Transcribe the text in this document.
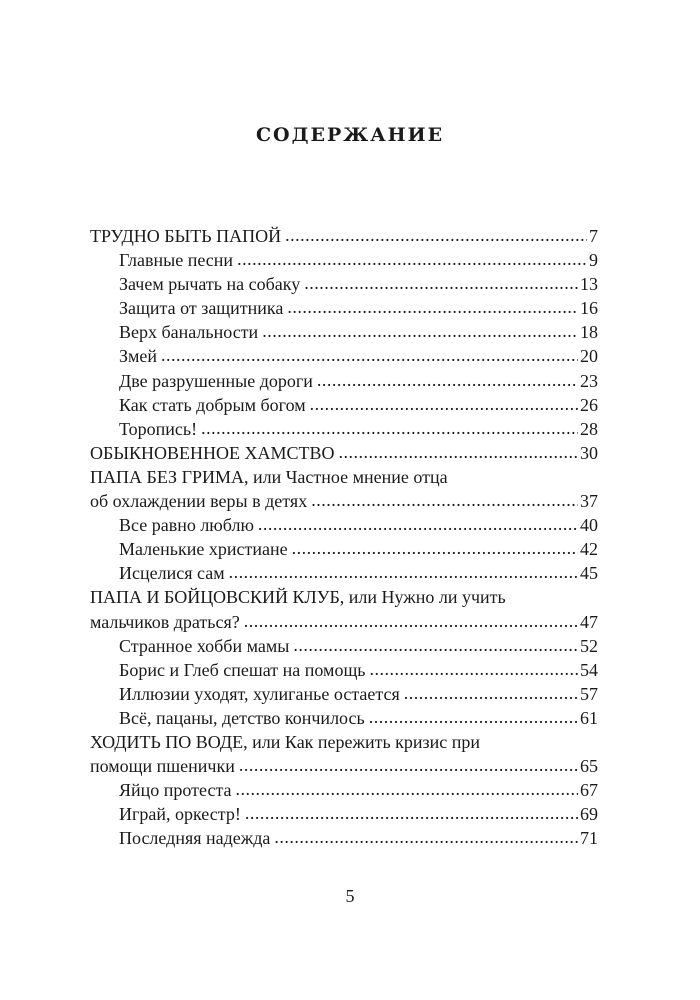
СОДЕРЖАНИЕ
ТРУДНО БЫТЬ ПАПОЙ .....	7
Главные песни .....	9
Зачем рычать на собаку .....	13
Защита от защитника .....	16
Верх банальности .....	18
Змей .....	20
Две разрушенные дороги .....	23
Как стать добрым богом .....	26
Торопись! .....	28
ОБЫКНОВЕННОЕ ХАМСТВО .....	30
ПАПА БЕЗ ГРИМА, или Частное мнение отца
об охлаждении веры в детях .....	37
Все равно люблю .....	40
Маленькие христиане .....	42
Исцелися сам .....	45
ПАПА И БОЙЦОВСКИЙ КЛУБ, или Нужно ли учить
мальчиков драться? .....	47
Странное хобби мамы .....	52
Борис и Глеб спешат на помощь .....	54
Иллюзии уходят, хулиганье остается .....	57
Всё, пацаны, детство кончилось .....	61
ХОДИТЬ ПО ВОДЕ, или Как пережить кризис при
помощи пшенички .....	65
Яйцо протеста .....	67
Играй, оркестр! .....	69
Последняя надежда .....	71
5
